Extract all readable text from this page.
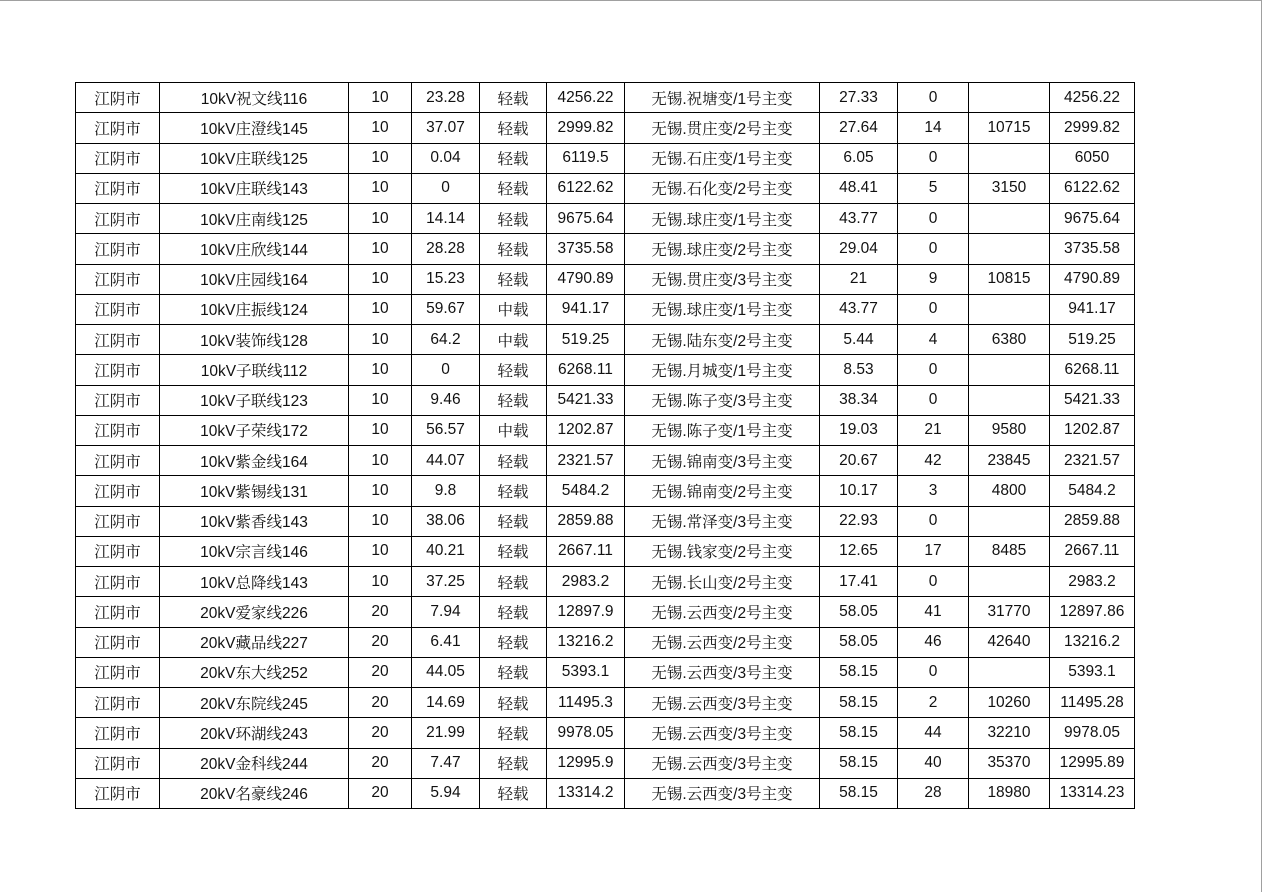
江阴市	10kV祝文线116	10	23.28	轻载	4256.22	无锡.祝塘变/1号主变	27.33	0		4256.22
江阴市	10kV庄澄线145	10	37.07	轻载	2999.82	无锡.贯庄变/2号主变	27.64	14	10715	2999.82
江阴市	10kV庄联线125	10	0.04	轻载	6119.5	无锡.石庄变/1号主变	6.05	0		6050
江阴市	10kV庄联线143	10	0	轻载	6122.62	无锡.石化变/2号主变	48.41	5	3150	6122.62
江阴市	10kV庄南线125	10	14.14	轻载	9675.64	无锡.球庄变/1号主变	43.77	0		9675.64
江阴市	10kV庄欣线144	10	28.28	轻载	3735.58	无锡.球庄变/2号主变	29.04	0		3735.58
江阴市	10kV庄园线164	10	15.23	轻载	4790.89	无锡.贯庄变/3号主变	21	9	10815	4790.89
江阴市	10kV庄振线124	10	59.67	中载	941.17	无锡.球庄变/1号主变	43.77	0		941.17
江阴市	10kV装饰线128	10	64.2	中载	519.25	无锡.陆东变/2号主变	5.44	4	6380	519.25
江阴市	10kV子联线112	10	0	轻载	6268.11	无锡.月城变/1号主变	8.53	0		6268.11
江阴市	10kV子联线123	10	9.46	轻载	5421.33	无锡.陈子变/3号主变	38.34	0		5421.33
江阴市	10kV子荣线172	10	56.57	中载	1202.87	无锡.陈子变/1号主变	19.03	21	9580	1202.87
江阴市	10kV紫金线164	10	44.07	轻载	2321.57	无锡.锦南变/3号主变	20.67	42	23845	2321.57
江阴市	10kV紫锡线131	10	9.8	轻载	5484.2	无锡.锦南变/2号主变	10.17	3	4800	5484.2
江阴市	10kV紫香线143	10	38.06	轻载	2859.88	无锡.常泽变/3号主变	22.93	0		2859.88
江阴市	10kV宗言线146	10	40.21	轻载	2667.11	无锡.钱家变/2号主变	12.65	17	8485	2667.11
江阴市	10kV总降线143	10	37.25	轻载	2983.2	无锡.长山变/2号主变	17.41	0		2983.2
江阴市	20kV爱家线226	20	7.94	轻载	12897.9	无锡.云西变/2号主变	58.05	41	31770	12897.86
江阴市	20kV藏品线227	20	6.41	轻载	13216.2	无锡.云西变/2号主变	58.05	46	42640	13216.2
江阴市	20kV东大线252	20	44.05	轻载	5393.1	无锡.云西变/3号主变	58.15	0		5393.1
江阴市	20kV东院线245	20	14.69	轻载	11495.3	无锡.云西变/3号主变	58.15	2	10260	11495.28
江阴市	20kV环湖线243	20	21.99	轻载	9978.05	无锡.云西变/3号主变	58.15	44	32210	9978.05
江阴市	20kV金科线244	20	7.47	轻载	12995.9	无锡.云西变/3号主变	58.15	40	35370	12995.89
江阴市	20kV名豪线246	20	5.94	轻载	13314.2	无锡.云西变/3号主变	58.15	28	18980	13314.23
